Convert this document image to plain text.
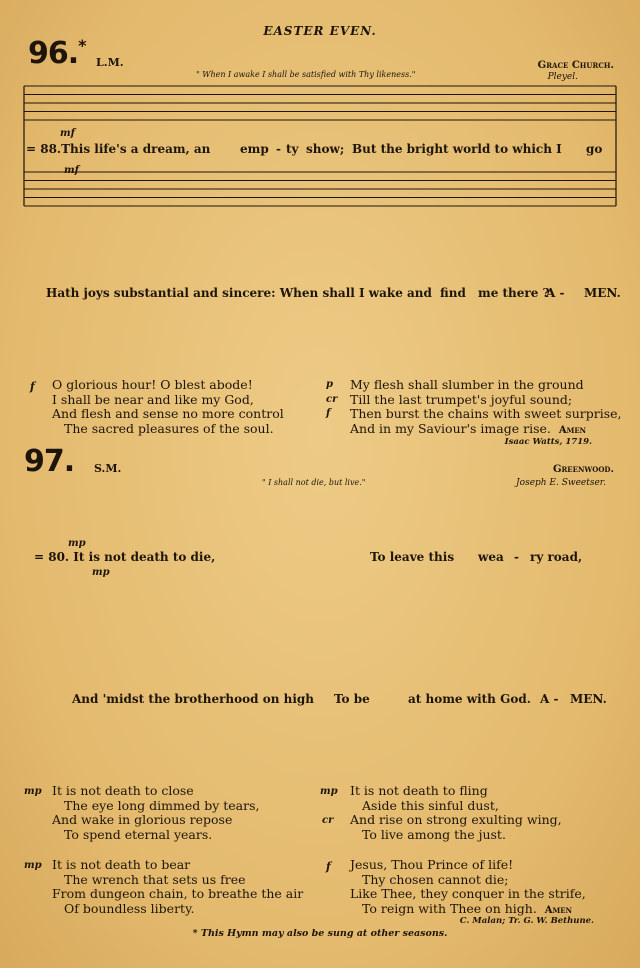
EASTER EVEN.
96.*
L.M.
" When I awake I shall be satisfied with Thy likeness."
Grace Church.
Pleyel.
mf
= 88.This life's a dream, an emp - ty show; But the bright world to which I go
mf
Hath joys substantial and sincere: When shall I wake and find me there ?
A - MEN.
f O glorious hour! O blest abode!
I shall be near and like my God,
And flesh and sense no more control
The sacred pleasures of the soul.
p
cr
f
My flesh shall slumber in the ground
Till the last trumpet's joyful sound;
Then burst the chains with sweet surprise,
And in my Saviour's image rise. Amen
Isaac Watts, 1719.
97. S.M.
" I shall not die, but live."
Greenwood.
Joseph E. Sweetser.
mp
= 80. It is not death to die,	To leave this wea - ry road,
mp
And 'midst the brotherhood on high To be	at home with God. A - MEN.
mp It is not death to close
The eye long dimmed by tears,
And wake in glorious repose
To spend eternal years.
mp
cr
It is not death to fling
Aside this sinful dust,
And rise on strong exulting wing,
To live among the just.
mp It is not death to bear
The wrench that sets us free
From dungeon chain, to breathe the air
Of boundless liberty.
f Jesus, Thou Prince of life!
Thy chosen cannot die;
Like Thee, they conquer in the strife,
To reign with Thee on high. Amen
C. Malan; Tr. G. W. Bethune.
* This Hymn may also be sung at other seasons.
